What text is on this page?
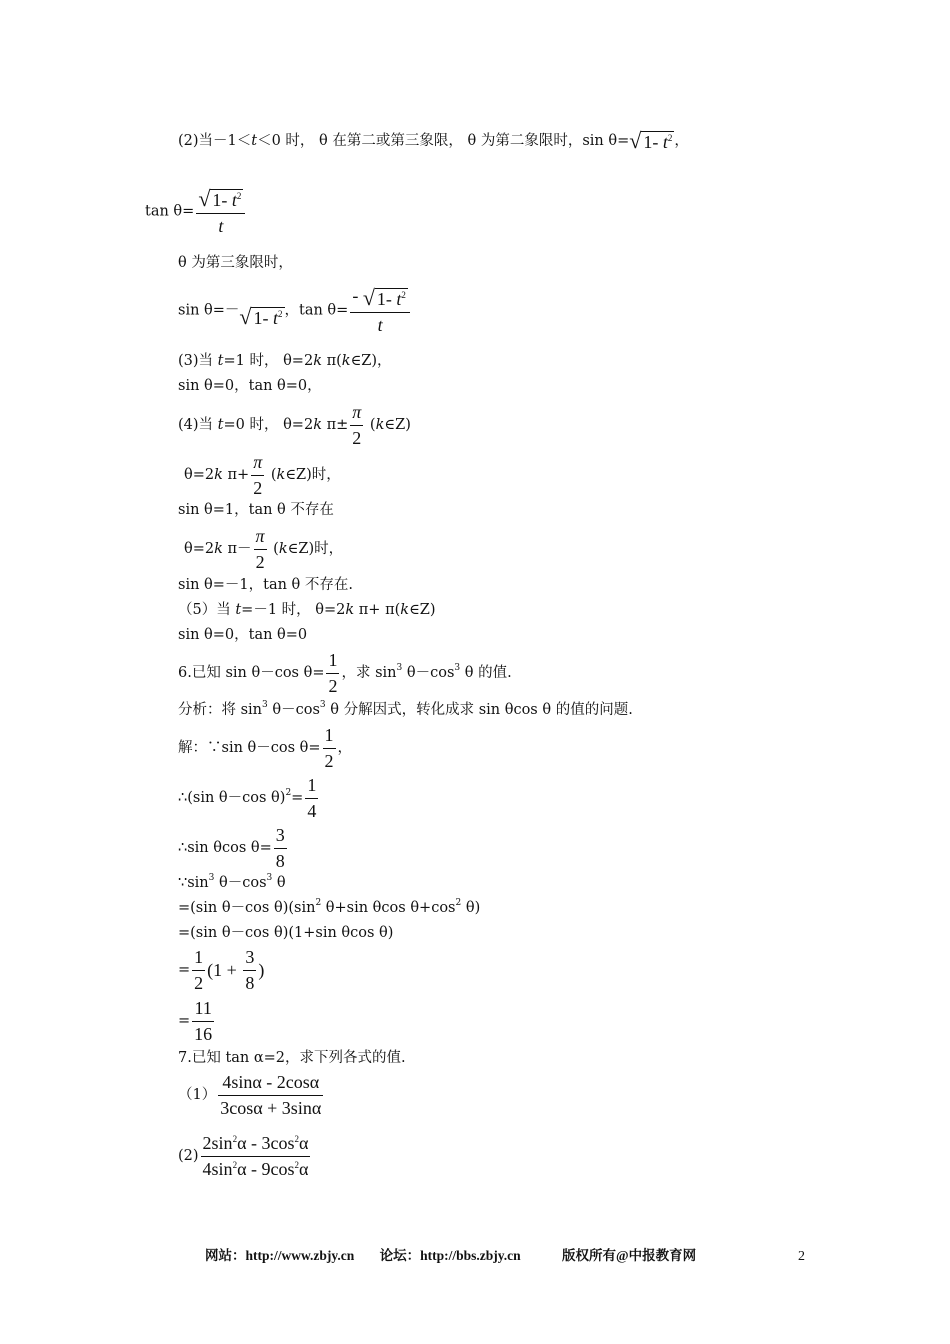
(2)当－1＜t＜0 时， θ 在第二或第三象限， θ 为第二象限时，sin θ=√ 1- $t^2$ ，
$\tan \theta= \frac{√ 1- t^2}{t}$
θ 为第三象限时，
sin θ=－√ 1- $t^2$ ，$\tan \theta= \frac{- √ 1- t^2}{t}$
(3)当 t=1 时， θ=2k π(k∈Z)，
sin θ=0，tan θ=0，
(4)当 t=0 时， θ=2k $\pi\pm \frac{\pi}{2}$ (k∈Z)
θ=2k $\pi+ \frac{\pi}{2}$ (k∈Z)时，
sin θ=1，tan θ 不存在
θ=2k $\pi- \frac{\pi}{2}$ (k∈Z)时，
sin θ=－1，tan θ 不存在.
（5）当 t=－1 时， θ=2k π+ π(k∈Z)
sin θ=0，tan θ=0
6.已知 sin θ－cos $\theta= \frac{1}{2}$ ，求 $\sin^3 \theta-\cos^3$ θ 的值.
分析：将 $\sin^3 \theta-\cos^3$ θ 分解因式，转化成求 sin θcos θ 的值的问题.
解：∵sin θ－cos $\theta= \frac{1}{2}$ ，
∴(sin θ－cos $\theta)^2= \frac{1}{4}$
∴sin θcos $\theta= \frac{3}{8}$
$\because\sin^3$ $\theta-\cos^3$ θ
=(sin θ－cos $\theta)(\sin^2$ θ+sin θcos $\theta+\cos^2$ θ)
=(sin θ－cos θ)(1+sin θcos θ)
= $\frac{1}{2} (1 + \frac{3}{8}$ )
= $\frac{11}{16}$
7.已知 tan α=2，求下列各式的值.
$(1) \frac{4\sin\alpha - 2\cos\alpha}{3\cos\alpha + 3\sin\alpha}$
$(2) \frac{2\sin^2\alpha - 3\cos^2\alpha}{4\sin^2\alpha - 9\cos^2\alpha}$
网站：http://www.zbjy.cn 论坛：http://bbs.zbjy.cn	版权所有@中报教育网	2
